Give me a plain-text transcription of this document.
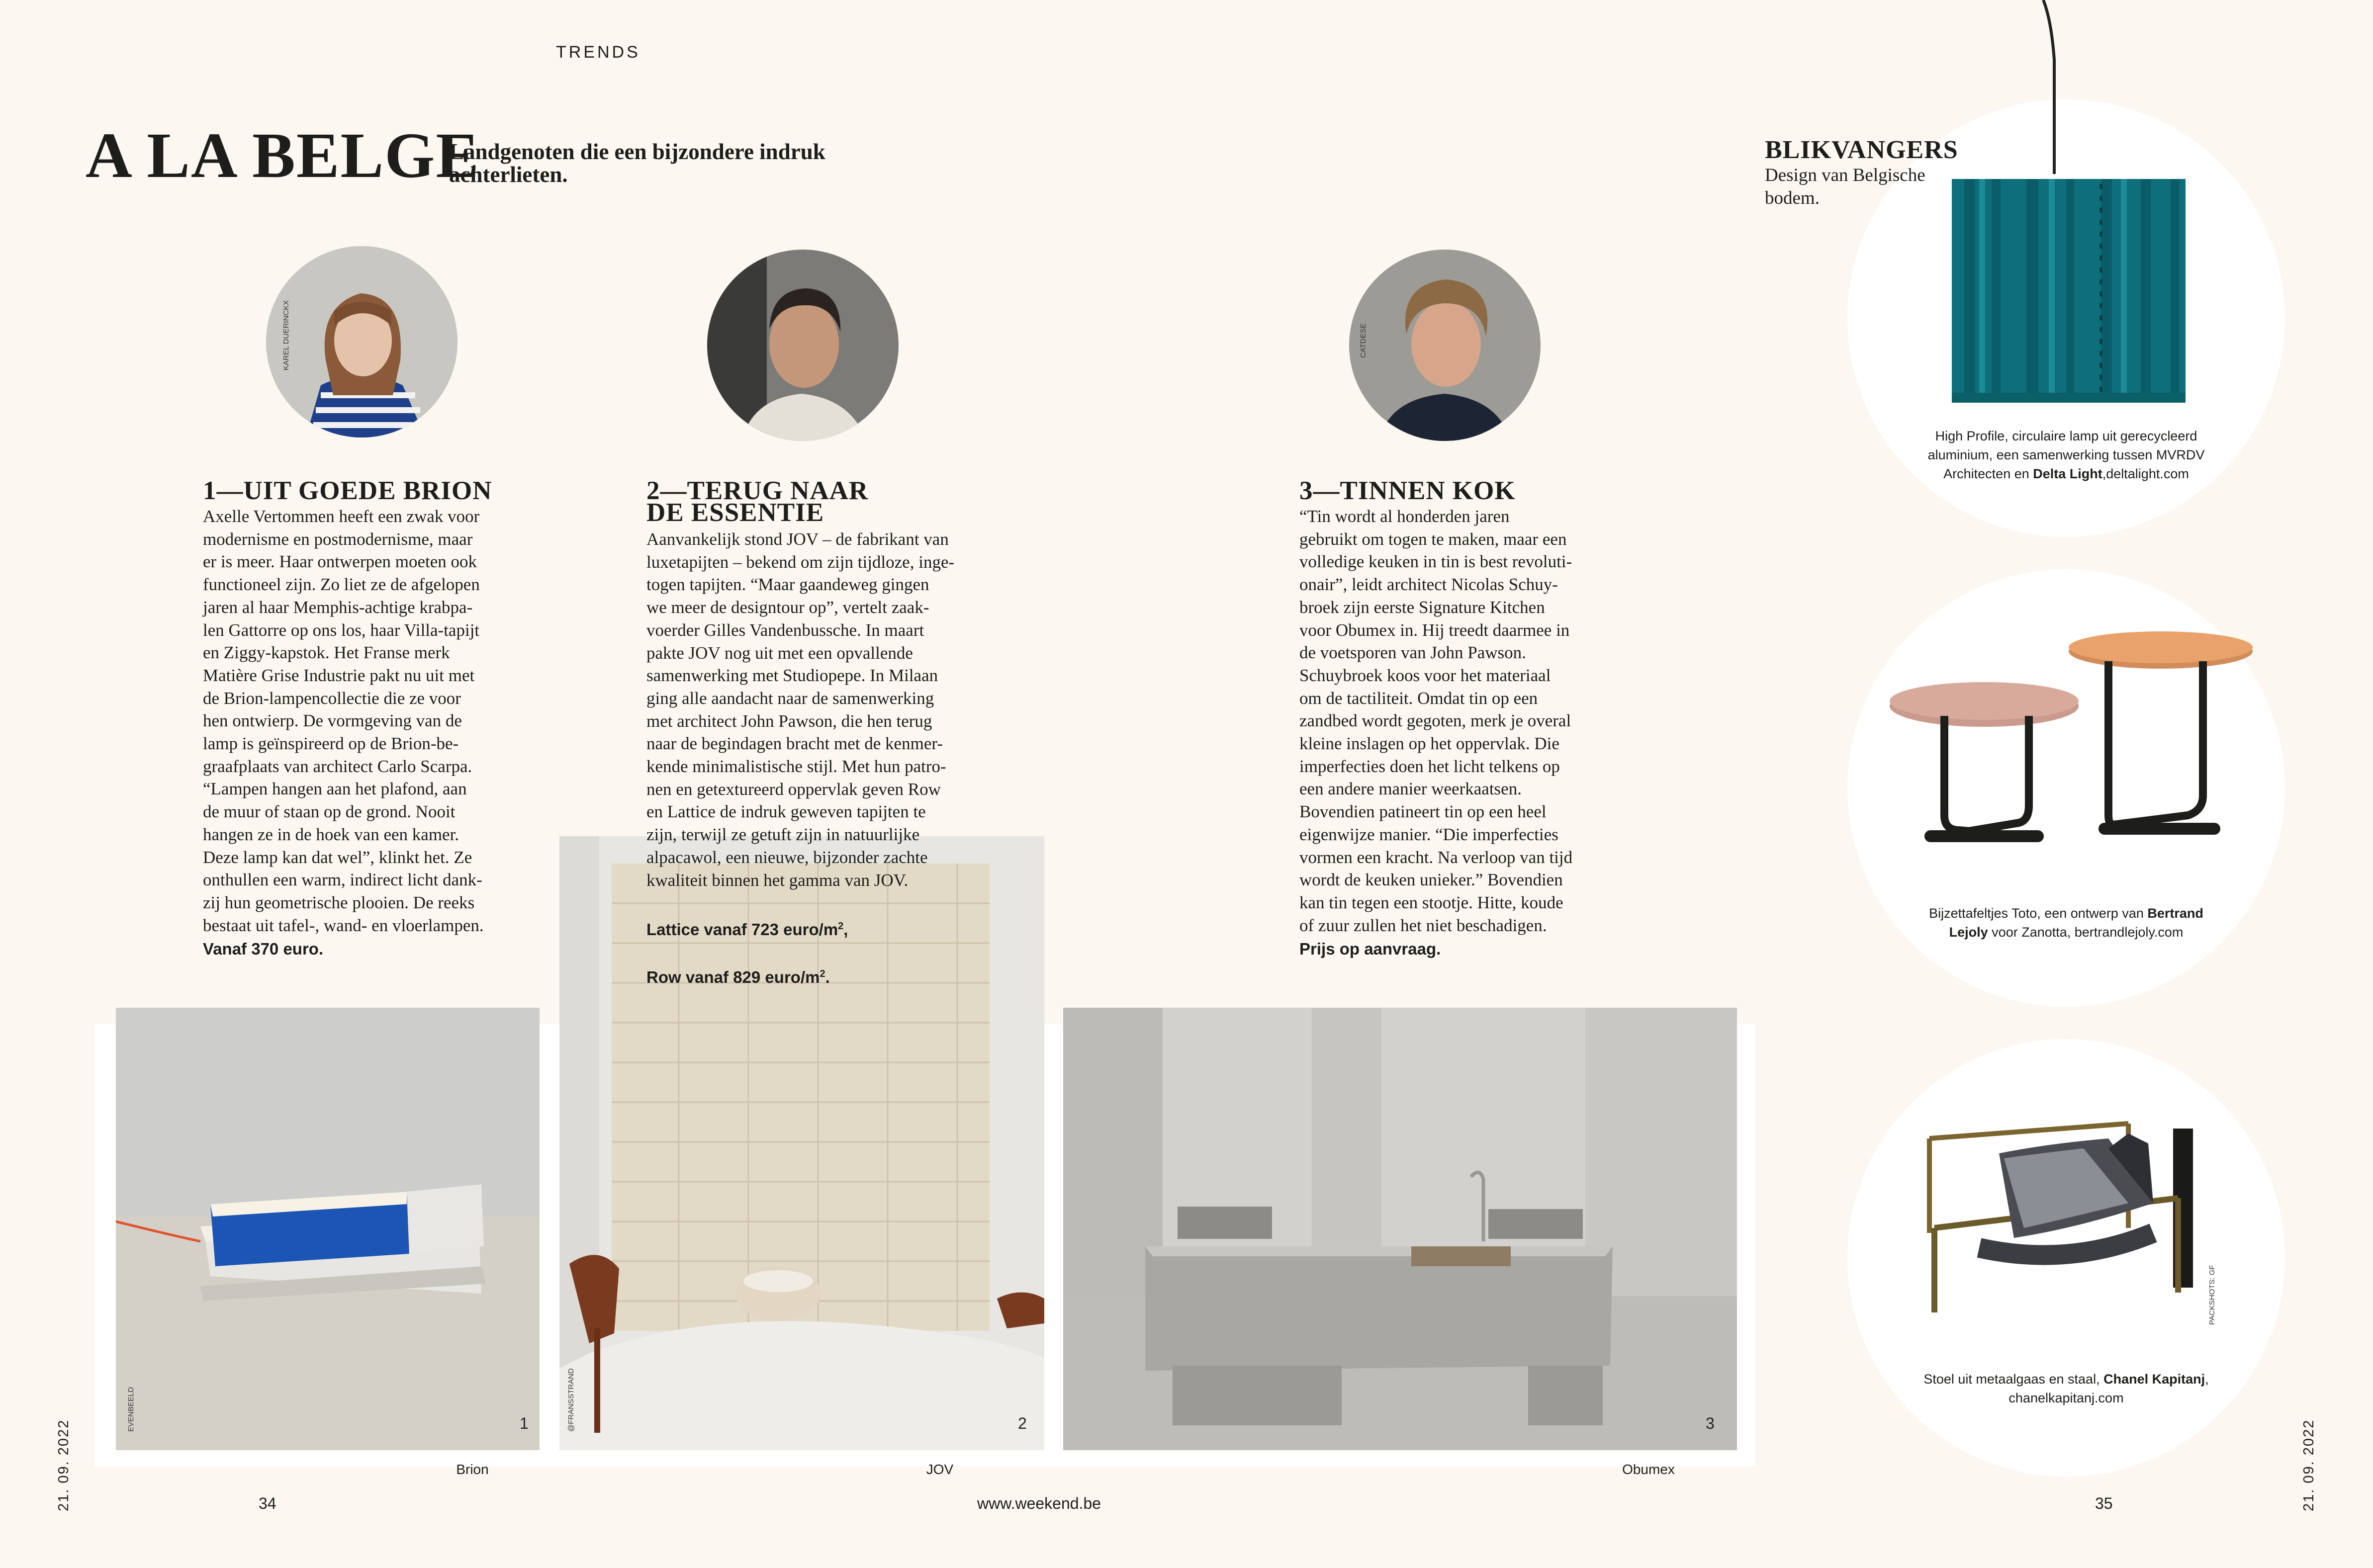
TRENDS
A LA BELGE
Landgenoten die een bijzondere indruk achterlieten.
KAREL DUERINCKX	GF	CATDESE
1—UIT GOEDE BRION
Axelle Vertommen heeft een zwak voor
modernisme en postmodernisme, maar
er is meer. Haar ontwerpen moeten ook
functioneel zijn. Zo liet ze de afgelopen
jaren al haar Memphis-achtige krabpa-
len Gattorre op ons los, haar Villa-tapijt
en Ziggy-kapstok. Het Franse merk
Matière Grise Industrie pakt nu uit met
de Brion-lampencollectie die ze voor
hen ontwierp. De vormgeving van de
lamp is geïnspireerd op de Brion-be-
graafplaats van architect Carlo Scarpa.
“Lampen hangen aan het plafond, aan
de muur of staan op de grond. Nooit
hangen ze in de hoek van een kamer.
Deze lamp kan dat wel”, klinkt het. Ze
onthullen een warm, indirect licht dank-
zij hun geometrische plooien. De reeks
bestaat uit tafel-, wand- en vloerlampen.
Vanaf 370 euro.
2—TERUG NAAR
DE ESSENTIE
Aanvankelijk stond JOV – de fabrikant van
luxetapijten – bekend om zijn tijdloze, inge-
togen tapijten. “Maar gaandeweg gingen
we meer de designtour op”, vertelt zaak-
voerder Gilles Vandenbussche. In maart
pakte JOV nog uit met een opvallende
samenwerking met Studiopepe. In Milaan
ging alle aandacht naar de samenwerking
met architect John Pawson, die hen terug
naar de begindagen bracht met de kenmer-
kende minimalistische stijl. Met hun patro-
nen en getextureerd oppervlak geven Row
en Lattice de indruk geweven tapijten te
zijn, terwijl ze getuft zijn in natuurlijke
alpacawol, een nieuwe, bijzonder zachte
kwaliteit binnen het gamma van JOV.

Lattice vanaf 723 euro/$m^2$,

Row vanaf 829 euro/$m^2$.

3—TINNEN KOK
“Tin wordt al honderden jaren
gebruikt om togen te maken, maar een
volledige keuken in tin is best revoluti-
onair”, leidt architect Nicolas Schuy-
broek zijn eerste Signature Kitchen
voor Obumex in. Hij treedt daarmee in
de voetsporen van John Pawson.
Schuybroek koos voor het materiaal
om de tactiliteit. Omdat tin op een
zandbed wordt gegoten, merk je overal
kleine inslagen op het oppervlak. Die
imperfecties doen het licht telkens op
een andere manier weerkaatsen.
Bovendien patineert tin op een heel
eigenwijze manier. “Die imperfecties
vormen een kracht. Na verloop van tijd
wordt de keuken unieker.” Bovendien
kan tin tegen een stootje. Hitte, koude
of zuur zullen het niet beschadigen.
Prijs op aanvraag.
EVENBEELD	1	@FRANSSTRAND	2	3
Brion	JOV	Obumex
BLIKVANGERS
Design van Belgische bodem.
High Profile, circulaire lamp uit gerecycleerd aluminium, een samenwerking tussen MVRDV Architecten en Delta Light,deltalight.com
Bijzettafeltjes Toto, een ontwerp van Bertrand Lejoly voor Zanotta, bertrandlejoly.com
PACKSHOTS: GF
Stoel uit metaalgaas en staal, Chanel Kapitanj, chanelkapitanj.com
21. 09. 2022	34	www.weekend.be	35	21. 09. 2022
